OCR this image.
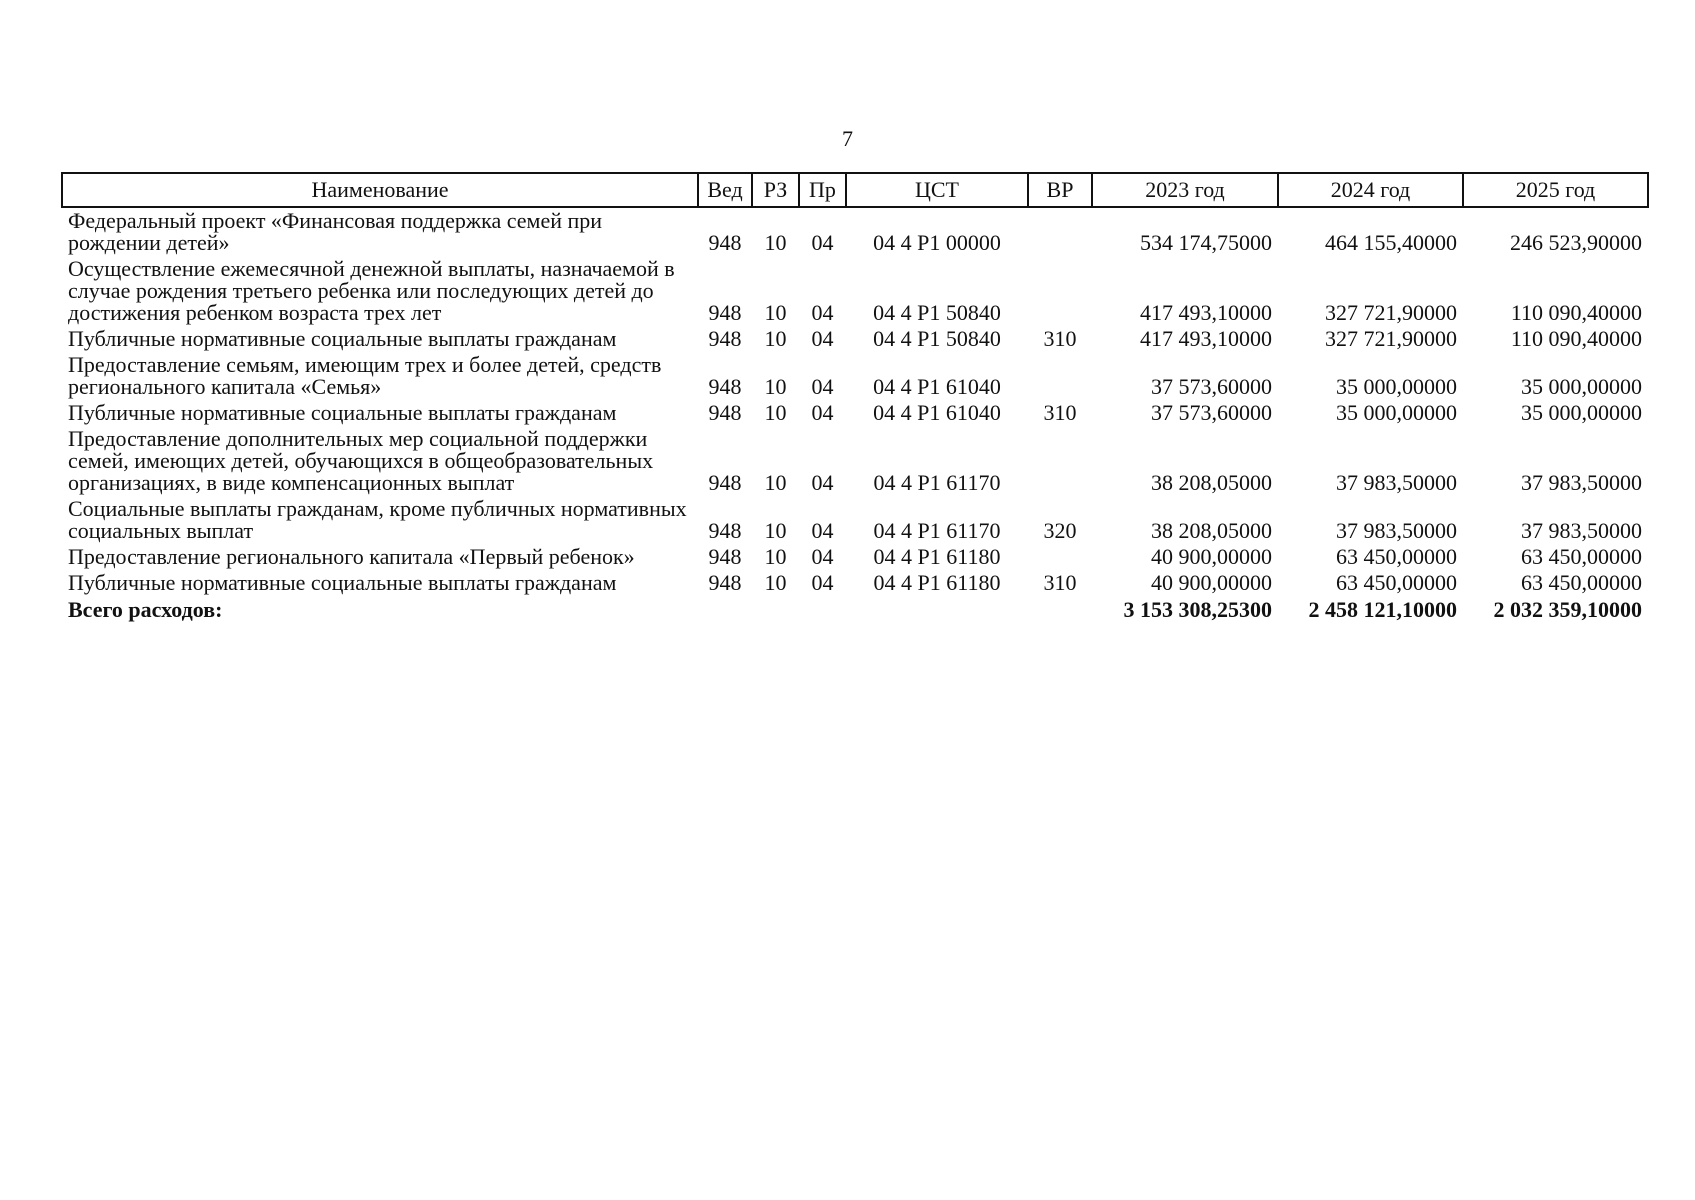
7
Наименование	Вед	РЗ	Пр	ЦСТ	ВР	2023 год	2024 год	2025 год
Федеральный проект «Финансовая поддержка семей при рождении детей»	948	10	04	04 4 Р1 00000		534 174,75000	464 155,40000	246 523,90000
Осуществление ежемесячной денежной выплаты, назначаемой в случае рождения третьего ребенка или последующих детей до достижения ребенком возраста трех лет	948	10	04	04 4 Р1 50840		417 493,10000	327 721,90000	110 090,40000
Публичные нормативные социальные выплаты гражданам	948	10	04	04 4 Р1 50840	310	417 493,10000	327 721,90000	110 090,40000
Предоставление семьям, имеющим трех и более детей, средств регионального капитала «Семья»	948	10	04	04 4 Р1 61040		37 573,60000	35 000,00000	35 000,00000
Публичные нормативные социальные выплаты гражданам	948	10	04	04 4 Р1 61040	310	37 573,60000	35 000,00000	35 000,00000
Предоставление дополнительных мер социальной поддержки семей, имеющих детей, обучающихся в общеобразовательных организациях, в виде компенсационных выплат	948	10	04	04 4 Р1 61170		38 208,05000	37 983,50000	37 983,50000
Социальные выплаты гражданам, кроме публичных нормативных социальных выплат	948	10	04	04 4 Р1 61170	320	38 208,05000	37 983,50000	37 983,50000
Предоставление регионального капитала «Первый ребенок»	948	10	04	04 4 Р1 61180		40 900,00000	63 450,00000	63 450,00000
Публичные нормативные социальные выплаты гражданам	948	10	04	04 4 Р1 61180	310	40 900,00000	63 450,00000	63 450,00000
Всего расходов:						3 153 308,25300	2 458 121,10000	2 032 359,10000
